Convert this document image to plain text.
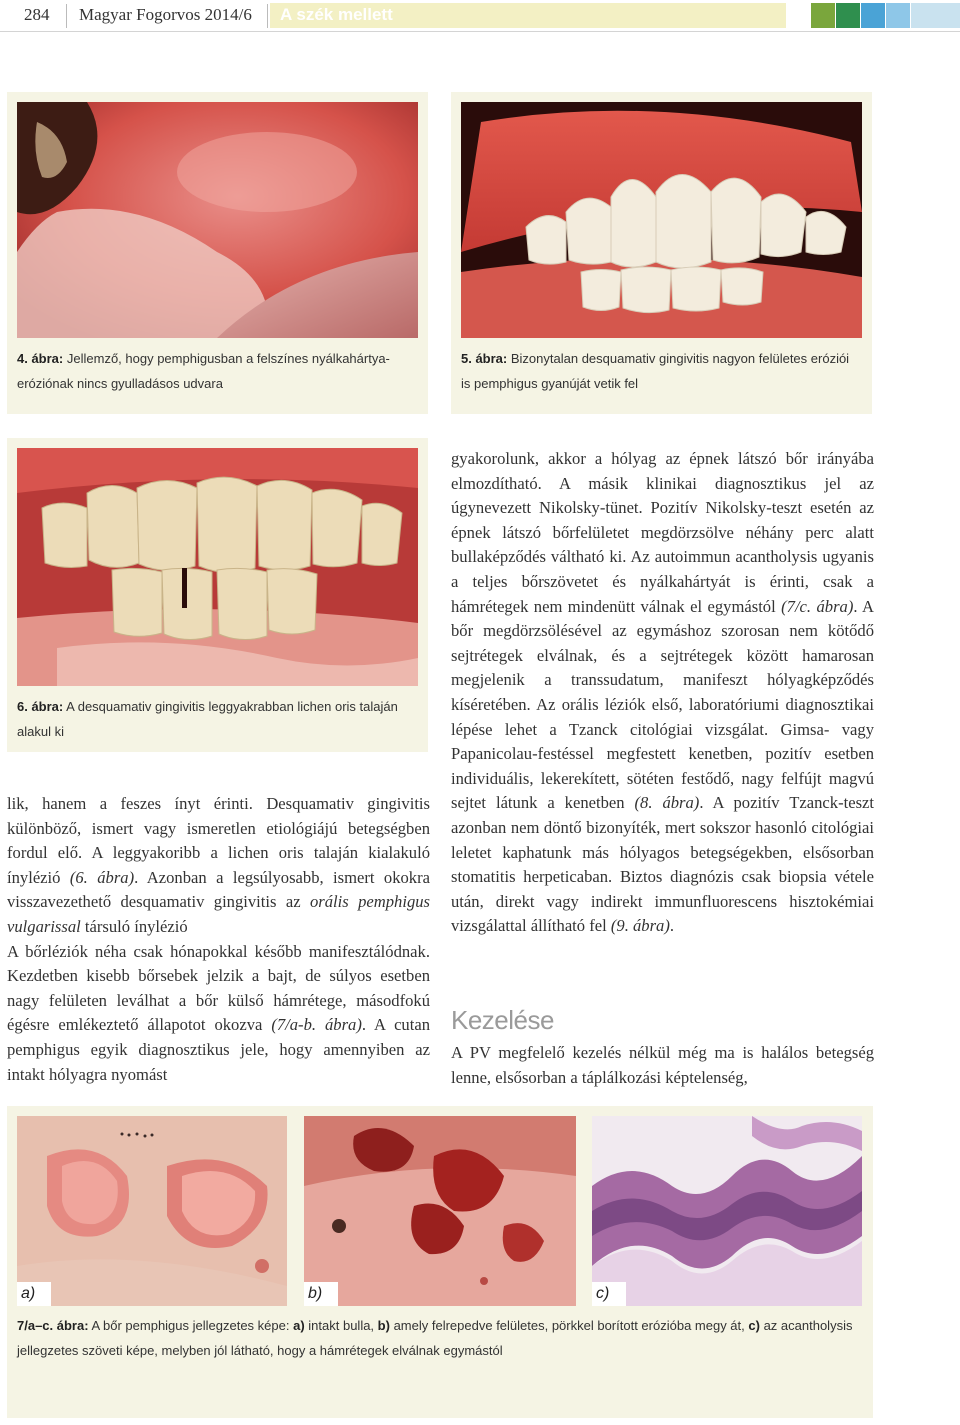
284 Magyar Fogorvos 2014/6 A szék mellett
4. ábra: Jellemző, hogy pemphigusban a felszínes nyálkahártya-eróziónak nincs gyulladásos udvara
5. ábra: Bizonytalan desquamativ gingivitis nagyon felületes eróziói is pemphigus gyanúját vetik fel
6. ábra: A desquamativ gingivitis leggyakrabban lichen oris talaján alakul ki

lik, hanem a feszes ínyt érinti. Desquamativ gingivitis különböző, ismert vagy ismeretlen etiológiájú betegségben fordul elő. A leggyakoribb a lichen oris talaján kialakuló ínylézió (6. ábra). Azonban a legsúlyosabb, ismert okokra visszavezethető desquamativ gingivitis az orális pemphigus vulgarissal társuló ínylézió

A bőrléziók néha csak hónapokkal később manifesztálódnak. Kezdetben kisebb bőrsebek jelzik a bajt, de súlyos esetben nagy felületen leválhat a bőr külső hámrétege, másodfokú égésre emlékeztető állapotot okozva (7/a-b. ábra). A cutan pemphigus egyik diagnosztikus jele, hogy amennyiben az intakt hólyagra nyomást

gyakorolunk, akkor a hólyag az épnek látszó bőr irányába elmozdítható. A másik klinikai diagnosztikus jel az úgynevezett Nikolsky-tünet. Pozitív Nikolsky-teszt esetén az épnek látszó bőrfelületet megdörzsölve néhány perc alatt bullaképződés váltható ki. Az autoimmun acantholysis ugyanis a teljes bőrszövetet és nyálkahártyát is érinti, csak a hámrétegek nem mindenütt válnak el egymástól (7/c. ábra). A bőr megdörzsölésével az egymáshoz szorosan nem kötődő sejtrétegek elválnak, és a sejtrétegek között hamarosan megjelenik a transsudatum, manifeszt hólyagképződés kíséretében. Az orális léziók első, laboratóriumi diagnosztikai lépése lehet a Tzanck citológiai vizsgálat. Gimsa- vagy Papanicolau-festéssel megfestett kenetben, pozitív esetben individuális, lekerekített, sötéten festődő, nagy felfújt magvú sejtet látunk a kenetben (8. ábra). A pozitív Tzanck-teszt azonban nem döntő bizonyíték, mert sokszor hasonló citológiai leletet kaphatunk más hólyagos betegségekben, elsősorban stomatitis herpeticaban. Biztos diagnózis csak biopsia vétele után, direkt vagy indirekt immunfluorescens hisztokémiai vizsgálattal állítható fel (9. ábra).

Kezelése

A PV megfelelő kezelés nélkül még ma is halálos betegség lenne, elsősorban a táplálkozási képtelenség,

a)	b)	c)
7/a–c. ábra: A bőr pemphigus jellegzetes képe: a) intakt bulla, b) amely felrepedve felületes, pörkkel borított erózióba megy át, c) az acantholysis jellegzetes szöveti képe, melyben jól látható, hogy a hámrétegek elválnak egymástól
